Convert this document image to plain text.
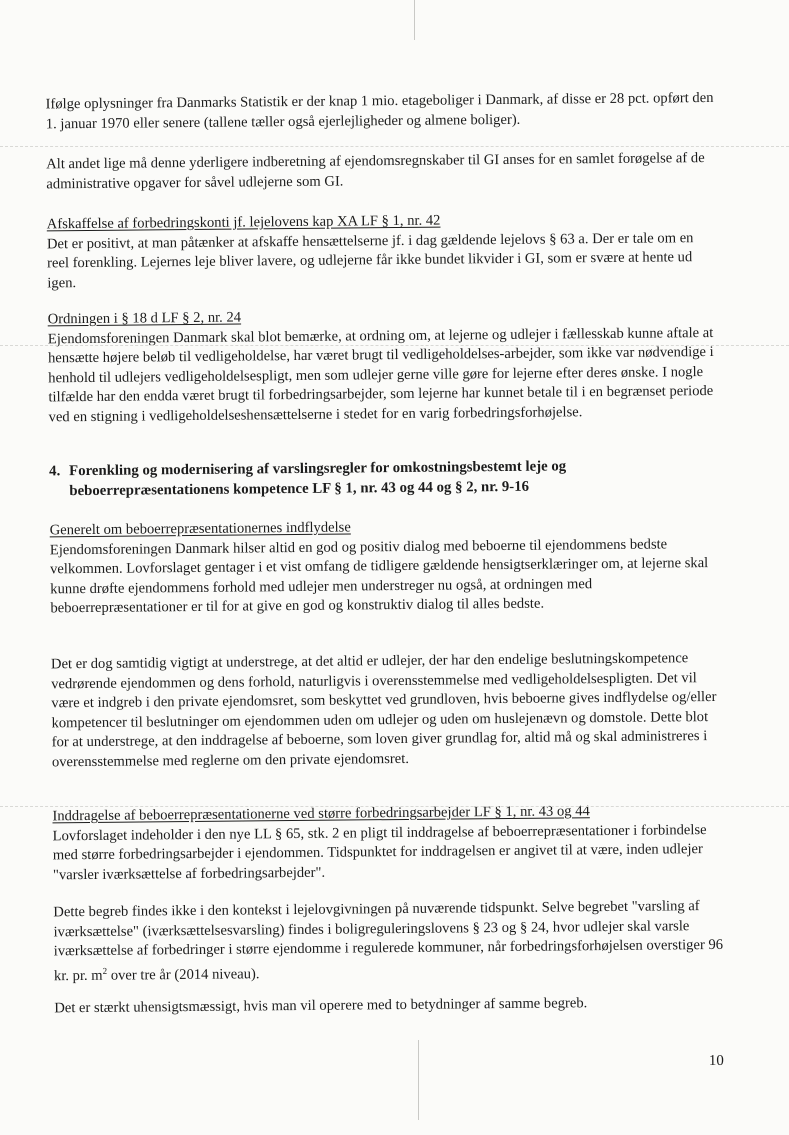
Ifølge oplysninger fra Danmarks Statistik er der knap 1 mio. etageboliger i Danmark, af disse er 28 pct. opført den 1. januar 1970 eller senere (tallene tæller også ejerlejligheder og almene boliger).

Alt andet lige må denne yderligere indberetning af ejendomsregnskaber til GI anses for en samlet forøgelse af de administrative opgaver for såvel udlejerne som GI.

Afskaffelse af forbedringskonti jf. lejelovens kap XA LF § 1, nr. 42

Det er positivt, at man påtænker at afskaffe hensættelserne jf. i dag gældende lejelovs § 63 a. Der er tale om en reel forenkling. Lejernes leje bliver lavere, og udlejerne får ikke bundet likvider i GI, som er svære at hente ud igen.

Ordningen i § 18 d LF § 2, nr. 24

Ejendomsforeningen Danmark skal blot bemærke, at ordning om, at lejerne og udlejer i fællesskab kunne aftale at hensætte højere beløb til vedligeholdelse, har været brugt til vedligeholdelses-arbejder, som ikke var nødvendige i henhold til udlejers vedligeholdelsespligt, men som udlejer gerne ville gøre for lejerne efter deres ønske. I nogle tilfælde har den endda været brugt til forbedringsarbejder, som lejerne har kunnet betale til i en begrænset periode ved en stigning i vedligeholdelseshensættelserne i stedet for en varig forbedringsforhøjelse.

4. Forenkling og modernisering af varslingsregler for omkostningsbestemt leje og beboerrepræsentationens kompetence LF § 1, nr. 43 og 44 og § 2, nr. 9-16

Generelt om beboerrepræsentationernes indflydelse

Ejendomsforeningen Danmark hilser altid en god og positiv dialog med beboerne til ejendommens bedste velkommen. Lovforslaget gentager i et vist omfang de tidligere gældende hensigtserklæringer om, at lejerne skal kunne drøfte ejendommens forhold med udlejer men understreger nu også, at ordningen med beboerrepræsentationer er til for at give en god og konstruktiv dialog til alles bedste.

Det er dog samtidig vigtigt at understrege, at det altid er udlejer, der har den endelige beslutningskompetence vedrørende ejendommen og dens forhold, naturligvis i overensstemmelse med vedligeholdelsespligten. Det vil være et indgreb i den private ejendomsret, som beskyttet ved grundloven, hvis beboerne gives indflydelse og/eller kompetencer til beslutninger om ejendommen uden om udlejer og uden om huslejenævn og domstole. Dette blot for at understrege, at den inddragelse af beboerne, som loven giver grundlag for, altid må og skal administreres i overensstemmelse med reglerne om den private ejendomsret.

Inddragelse af beboerrepræsentationerne ved større forbedringsarbejder LF § 1, nr. 43 og 44

Lovforslaget indeholder i den nye LL § 65, stk. 2 en pligt til inddragelse af beboerrepræsentationer i forbindelse med større forbedringsarbejder i ejendommen. Tidspunktet for inddragelsen er angivet til at være, inden udlejer "varsler iværksættelse af forbedringsarbejder".

Dette begreb findes ikke i den kontekst i lejelovgivningen på nuværende tidspunkt. Selve begrebet "varsling af iværksættelse" (iværksættelsesvarsling) findes i boligreguleringslovens § 23 og § 24, hvor udlejer skal varsle iværksættelse af forbedringer i større ejendomme i regulerede kommuner, når forbedringsforhøjelsen overstiger 96 kr. pr. $m^2$ over tre år (2014 niveau).

Det er stærkt uhensigtsmæssigt, hvis man vil operere med to betydninger af samme begreb.

10
